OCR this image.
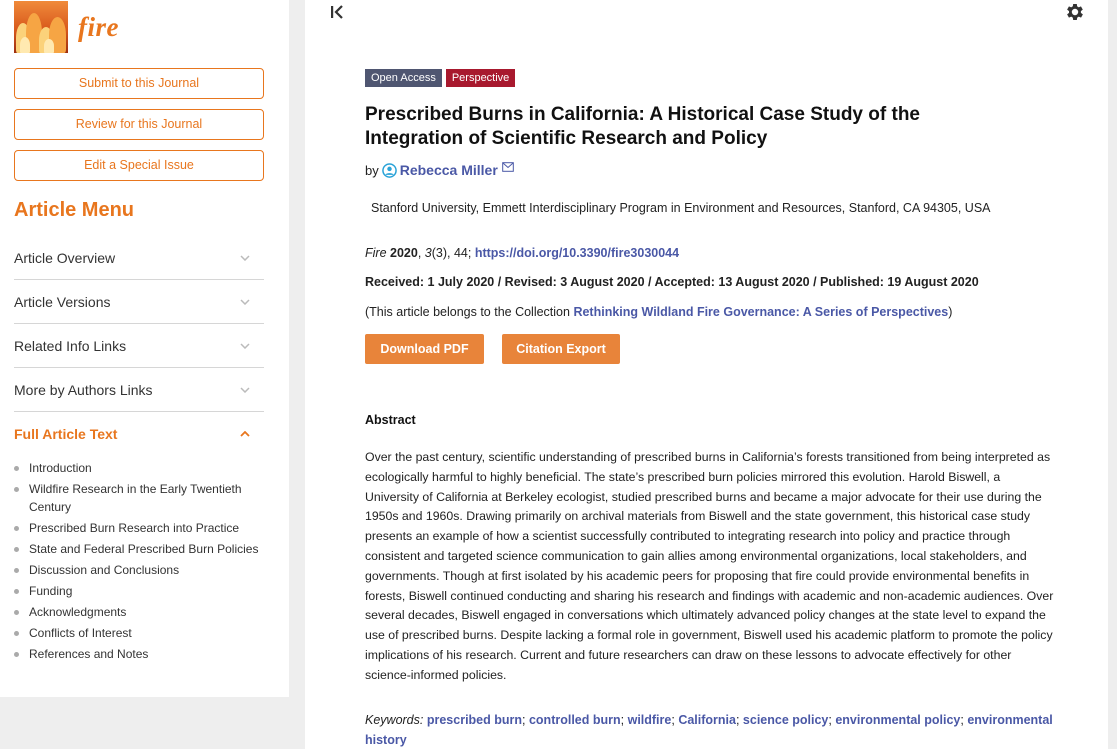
fire
Submit to this Journal
Review for this Journal
Edit a Special Issue
Article Menu
Article Overview
Article Versions
Related Info Links
More by Authors Links
Full Article Text
Introduction
Wildfire Research in the Early Twentieth Century
Prescribed Burn Research into Practice
State and Federal Prescribed Burn Policies
Discussion and Conclusions
Funding
Acknowledgments
Conflicts of Interest
References and Notes
Open Access	Perspective
Prescribed Burns in California: A Historical Case Study of the Integration of Scientific Research and Policy
by Rebecca Miller
Stanford University, Emmett Interdisciplinary Program in Environment and Resources, Stanford, CA 94305, USA
Fire 2020, 3(3), 44; https://doi.org/10.3390/fire3030044
Received: 1 July 2020 / Revised: 3 August 2020 / Accepted: 13 August 2020 / Published: 19 August 2020
(This article belongs to the Collection Rethinking Wildland Fire Governance: A Series of Perspectives)
Download PDF	Citation Export
Abstract

Over the past century, scientific understanding of prescribed burns in California’s forests transitioned from being interpreted as ecologically harmful to highly beneficial. The state’s prescribed burn policies mirrored this evolution. Harold Biswell, a University of California at Berkeley ecologist, studied prescribed burns and became a major advocate for their use during the 1950s and 1960s. Drawing primarily on archival materials from Biswell and the state government, this historical case study presents an example of how a scientist successfully contributed to integrating research into policy and practice through consistent and targeted science communication to gain allies among environmental organizations, local stakeholders, and governments. Though at first isolated by his academic peers for proposing that fire could provide environmental benefits in forests, Biswell continued conducting and sharing his research and findings with academic and non-academic audiences. Over several decades, Biswell engaged in conversations which ultimately advanced policy changes at the state level to expand the use of prescribed burns. Despite lacking a formal role in government, Biswell used his academic platform to promote the policy implications of his research. Current and future researchers can draw on these lessons to advocate effectively for other science-informed policies.

Keywords: prescribed burn; controlled burn; wildfire; California; science policy; environmental policy; environmental history
